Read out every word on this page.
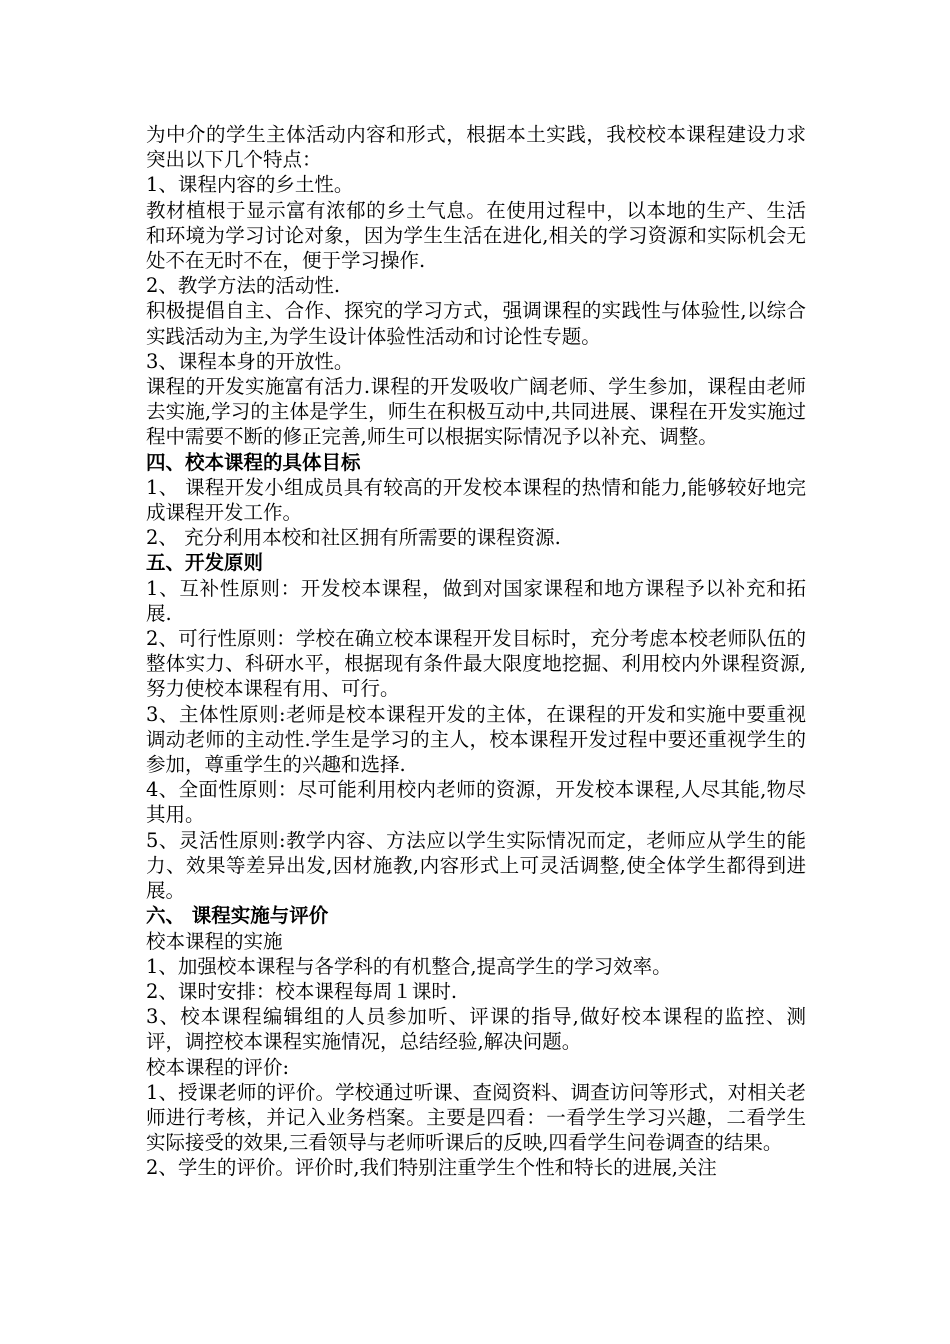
为中介的学生主体活动内容和形式，根据本土实践，我校校本课程建设力求突出以下几个特点：

1、课程内容的乡土性。

教材植根于显示富有浓郁的乡土气息。在使用过程中，以本地的生产、生活和环境为学习讨论对象，因为学生生活在进化,相关的学习资源和实际机会无处不在无时不在，便于学习操作.

2、教学方法的活动性.

积极提倡自主、合作、探究的学习方式，强调课程的实践性与体验性,以综合实践活动为主,为学生设计体验性活动和讨论性专题。

3、课程本身的开放性。

课程的开发实施富有活力.课程的开发吸收广阔老师、学生参加，课程由老师去实施,学习的主体是学生，师生在积极互动中,共同进展、课程在开发实施过程中需要不断的修正完善,师生可以根据实际情况予以补充、调整。

四、校本课程的具体目标

1、 课程开发小组成员具有较高的开发校本课程的热情和能力,能够较好地完成课程开发工作。

2、 充分利用本校和社区拥有所需要的课程资源.

五、开发原则

1、互补性原则：开发校本课程，做到对国家课程和地方课程予以补充和拓展.

2、可行性原则：学校在确立校本课程开发目标时，充分考虑本校老师队伍的整体实力、科研水平，根据现有条件最大限度地挖掘、利用校内外课程资源,努力使校本课程有用、可行。

3、主体性原则:老师是校本课程开发的主体，在课程的开发和实施中要重视调动老师的主动性.学生是学习的主人，校本课程开发过程中要还重视学生的参加，尊重学生的兴趣和选择.

4、全面性原则：尽可能利用校内老师的资源，开发校本课程,人尽其能,物尽其用。

5、灵活性原则:教学内容、方法应以学生实际情况而定，老师应从学生的能力、效果等差异出发,因材施教,内容形式上可灵活调整,使全体学生都得到进展。

六、 课程实施与评价

校本课程的实施

1、加强校本课程与各学科的有机整合,提高学生的学习效率。

2、课时安排：校本课程每周１课时.

3、校本课程编辑组的人员参加听、评课的指导,做好校本课程的监控、测评，调控校本课程实施情况，总结经验,解决问题。

校本课程的评价:

1、授课老师的评价。学校通过听课、查阅资料、调查访问等形式，对相关老师进行考核，并记入业务档案。主要是四看：一看学生学习兴趣，二看学生实际接受的效果,三看领导与老师听课后的反映,四看学生问卷调查的结果。

2、学生的评价。评价时,我们特别注重学生个性和特长的进展,关注
